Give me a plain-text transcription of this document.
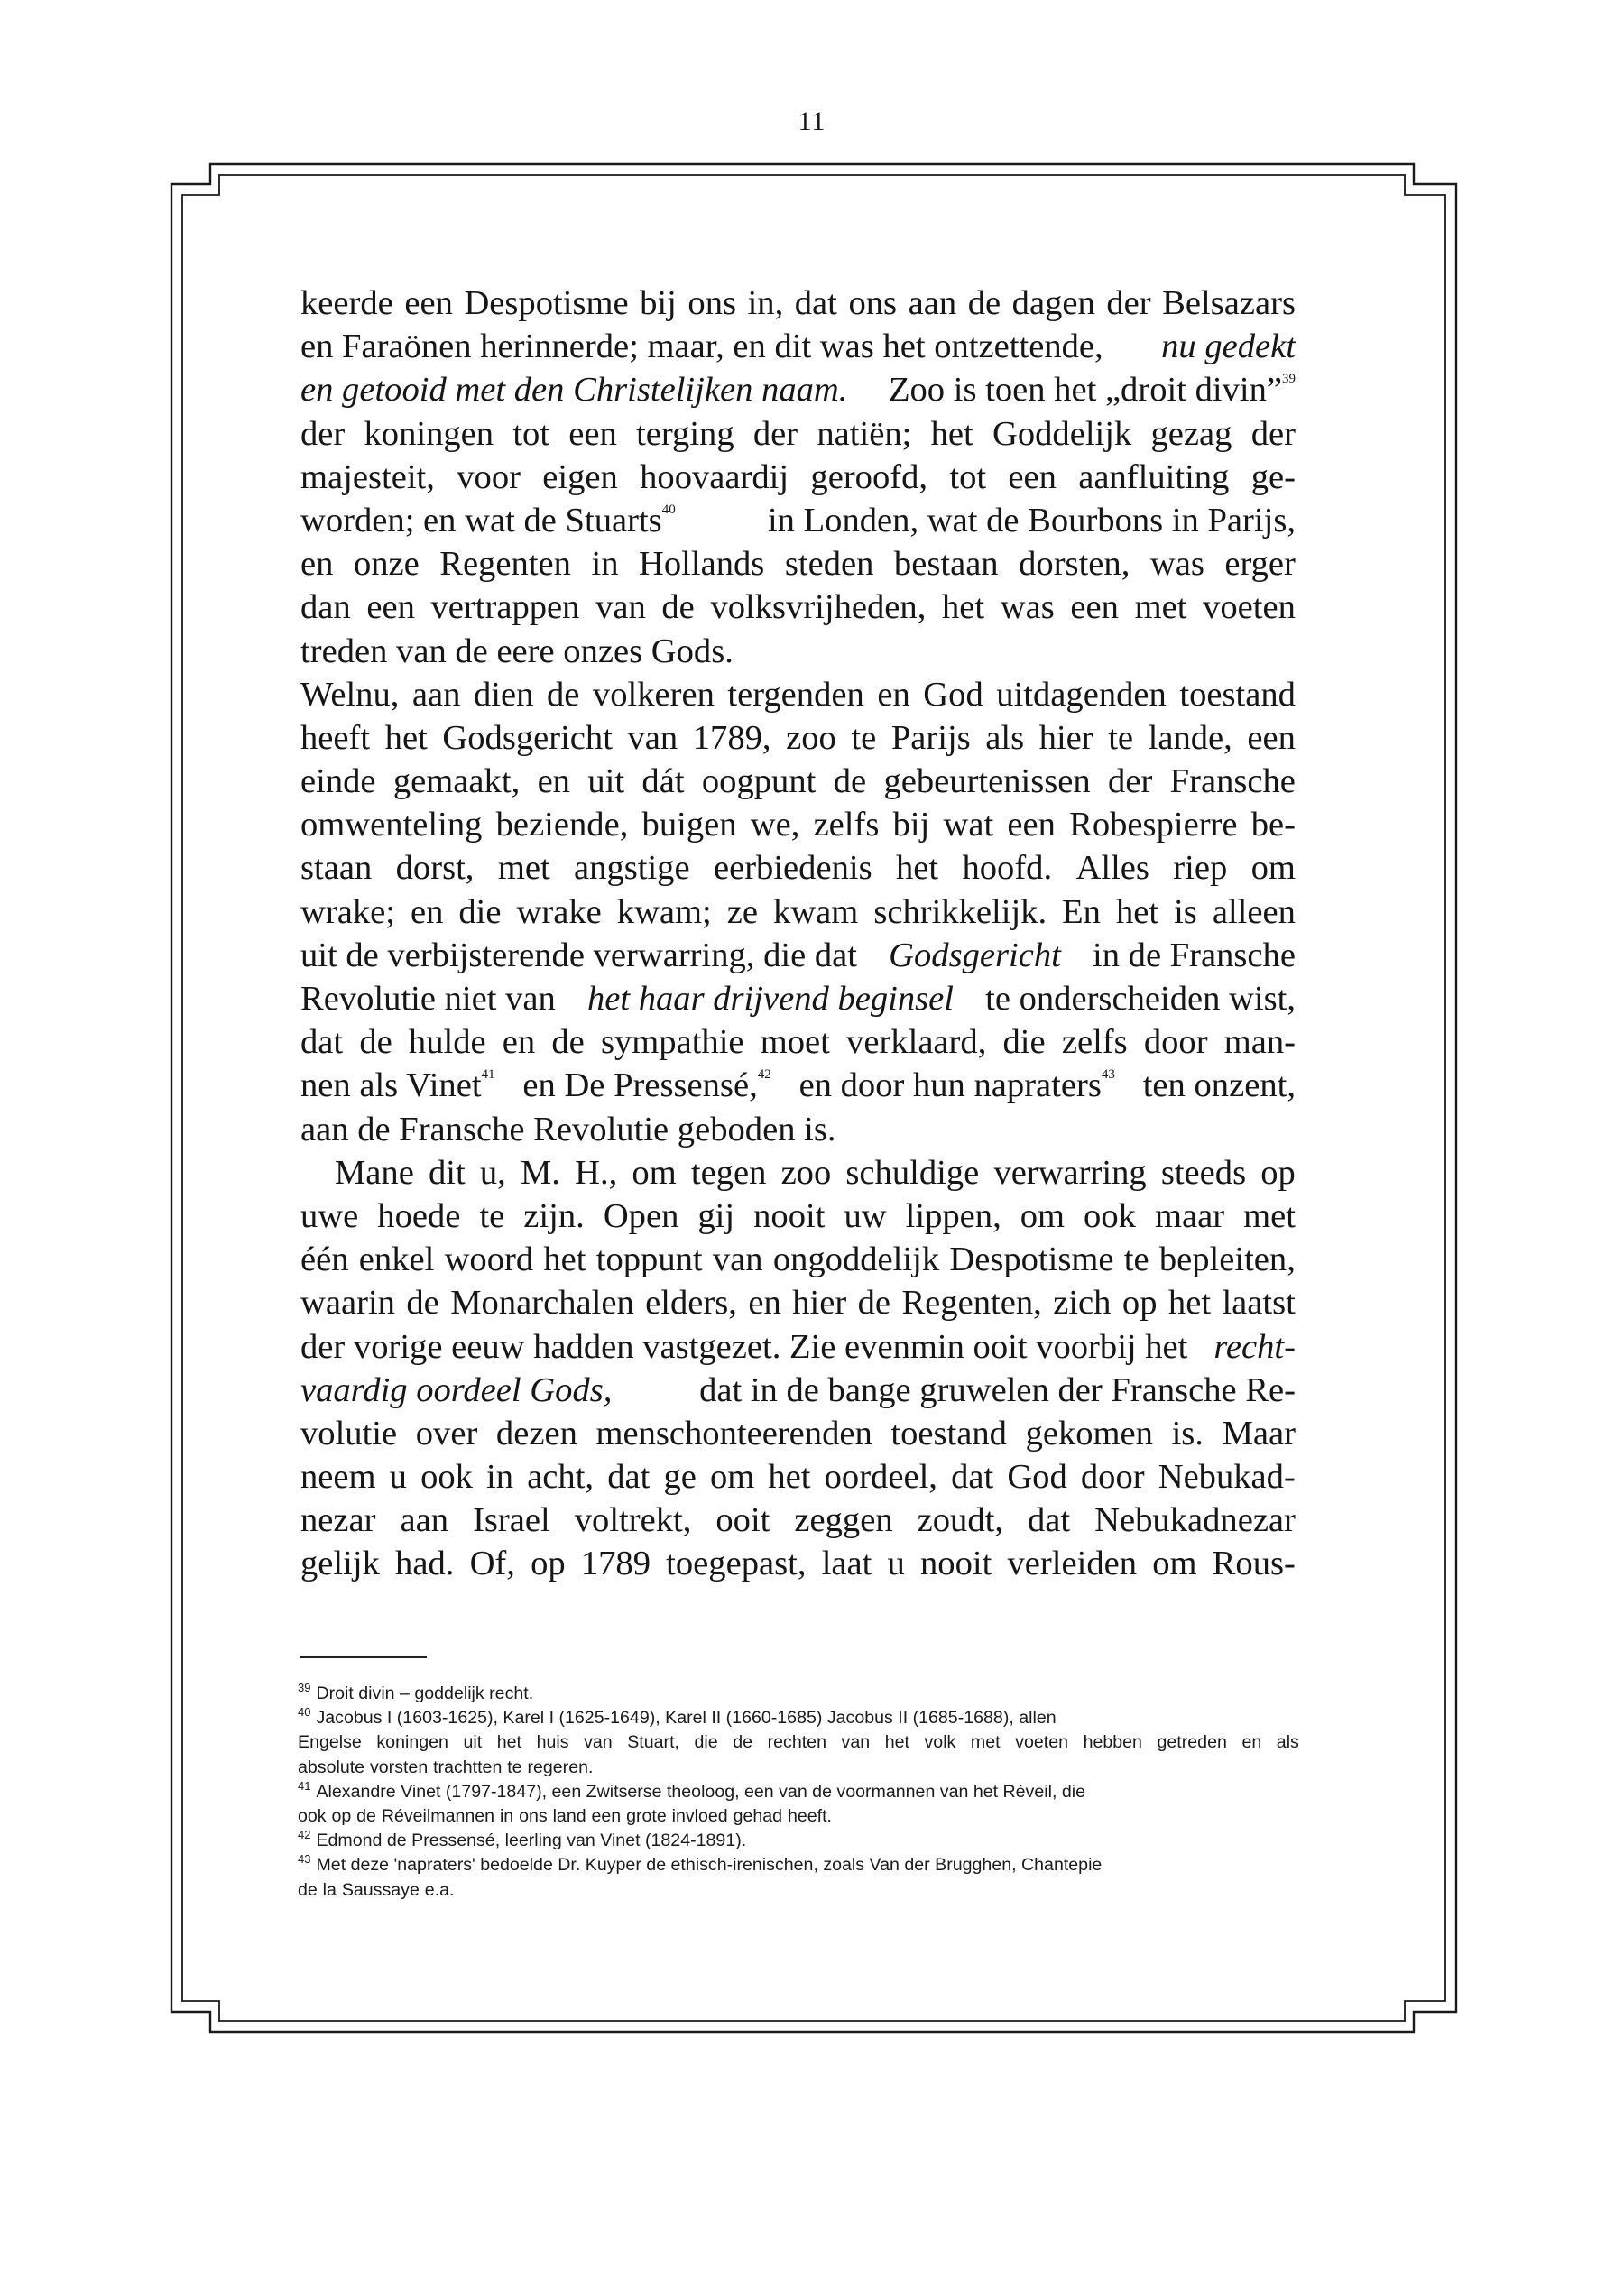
11
keerde een Despotisme bij ons in, dat ons aan de dagen der Belsazars
en Faraönen herinnerde; maar, en dit was het ontzettende, nu gedekt
en getooid met den Christelijken naam. Zoo is toen het „droit divin”$^{39}$
der koningen tot een terging der natiën; het Goddelijk gezag der
majesteit, voor eigen hoovaardij geroofd, tot een aanfluiting ge-
worden; en wat de Stuarts$^{40}$	in Londen, wat de Bourbons in Parijs,
en onze Regenten in Hollands steden bestaan dorsten, was erger
dan een vertrappen van de volksvrijheden, het was een met voeten
treden van de eere onzes Gods.
Welnu, aan dien de volkeren tergenden en God uitdagenden toestand
heeft het Godsgericht van 1789, zoo te Parijs als hier te lande, een
einde gemaakt, en uit dát oogpunt de gebeurtenissen der Fransche
omwenteling beziende, buigen we, zelfs bij wat een Robespierre be-
staan dorst, met angstige eerbiedenis het hoofd. Alles riep om
wrake; en die wrake kwam; ze kwam schrikkelijk. En het is alleen
uit de verbijsterende verwarring, die dat Godsgericht in de Fransche
Revolutie niet van het haar drijvend beginsel te onderscheiden wist,
dat de hulde en de sympathie moet verklaard, die zelfs door man-
nen als Vinet$^{41}$ en De Pressensé,$^{42}$ en door hun napraters$^{43}$ ten onzent,
aan de Fransche Revolutie geboden is.
Mane dit u, M. H., om tegen zoo schuldige verwarring steeds op
uwe hoede te zijn. Open gij nooit uw lippen, om ook maar met
één enkel woord het toppunt van ongoddelijk Despotisme te bepleiten,
waarin de Monarchalen elders, en hier de Regenten, zich op het laatst
der vorige eeuw hadden vastgezet. Zie evenmin ooit voorbij het recht-
vaardig oordeel Gods,	dat in de bange gruwelen der Fransche Re-
volutie over dezen menschonteerenden toestand gekomen is. Maar
neem u ook in acht, dat ge om het oordeel, dat God door Nebukad-
nezar aan Israel voltrekt, ooit zeggen zoudt, dat Nebukadnezar
gelijk had. Of, op 1789 toegepast, laat u nooit verleiden om Rous-
$^{39}$ Droit divin – goddelijk recht.
$^{40}$ Jacobus I (1603-1625), Karel I (1625-1649), Karel II (1660-1685) Jacobus II (1685-1688), allen
Engelse koningen uit het huis van Stuart, die de rechten van het volk met voeten hebben getreden en als
absolute vorsten trachtten te regeren.
$^{41}$ Alexandre Vinet (1797-1847), een Zwitserse theoloog, een van de voormannen van het Réveil, die
ook op de Réveilmannen in ons land een grote invloed gehad heeft.
$^{42}$ Edmond de Pressensé, leerling van Vinet (1824-1891).
$^{43}$ Met deze 'napraters' bedoelde Dr. Kuyper de ethisch-irenischen, zoals Van der Brugghen, Chantepie
de la Saussaye e.a.
